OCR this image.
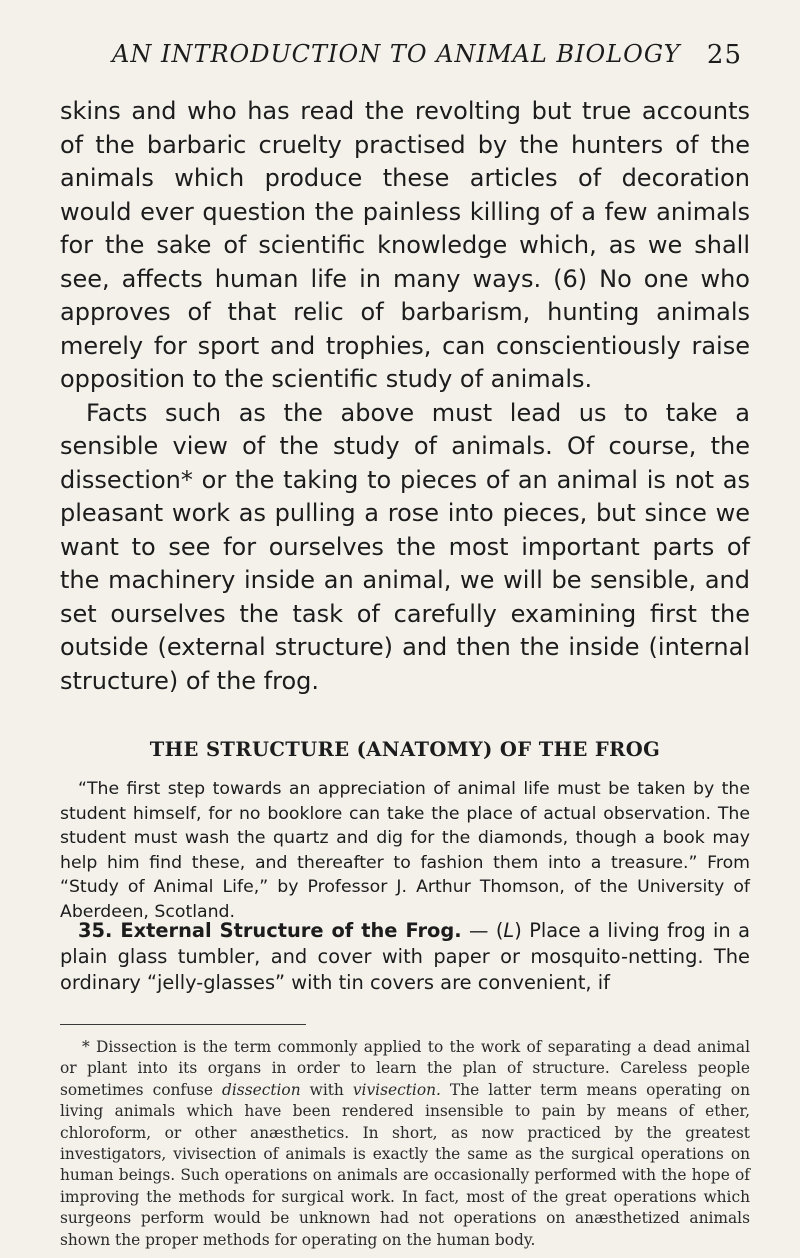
AN INTRODUCTION TO ANIMAL BIOLOGY 25

skins and who has read the revolting but true accounts of the barbaric cruelty practised by the hunters of the animals which produce these articles of decoration would ever question the painless killing of a few animals for the sake of scientific knowledge which, as we shall see, affects human life in many ways. (6) No one who approves of that relic of barbarism, hunting animals merely for sport and trophies, can conscientiously raise opposition to the scientific study of animals.

Facts such as the above must lead us to take a sensible view of the study of animals. Of course, the dissection* or the taking to pieces of an animal is not as pleasant work as pulling a rose into pieces, but since we want to see for ourselves the most important parts of the machinery inside an animal, we will be sensible, and set ourselves the task of carefully examining first the outside (external structure) and then the inside (internal structure) of the frog.

THE STRUCTURE (ANATOMY) OF THE FROG

“The first step towards an appreciation of animal life must be taken by the student himself, for no booklore can take the place of actual observation. The student must wash the quartz and dig for the diamonds, though a book may help him find these, and thereafter to fashion them into a treasure.” From “Study of Animal Life,” by Professor J. Arthur Thomson, of the University of Aberdeen, Scotland.

35. External Structure of the Frog. — (L) Place a living frog in a plain glass tumbler, and cover with paper or mosquito-netting. The ordinary “jelly-glasses” with tin covers are convenient, if

* Dissection is the term commonly applied to the work of separating a dead animal or plant into its organs in order to learn the plan of structure. Careless people sometimes confuse dissection with vivisection. The latter term means operating on living animals which have been rendered insensible to pain by means of ether, chloroform, or other anæsthetics. In short, as now practiced by the greatest investigators, vivisection of animals is exactly the same as the surgical operations on human beings. Such operations on animals are occasionally performed with the hope of improving the methods for surgical work. In fact, most of the great operations which surgeons perform would be unknown had not operations on anæsthetized animals shown the proper methods for operating on the human body.
